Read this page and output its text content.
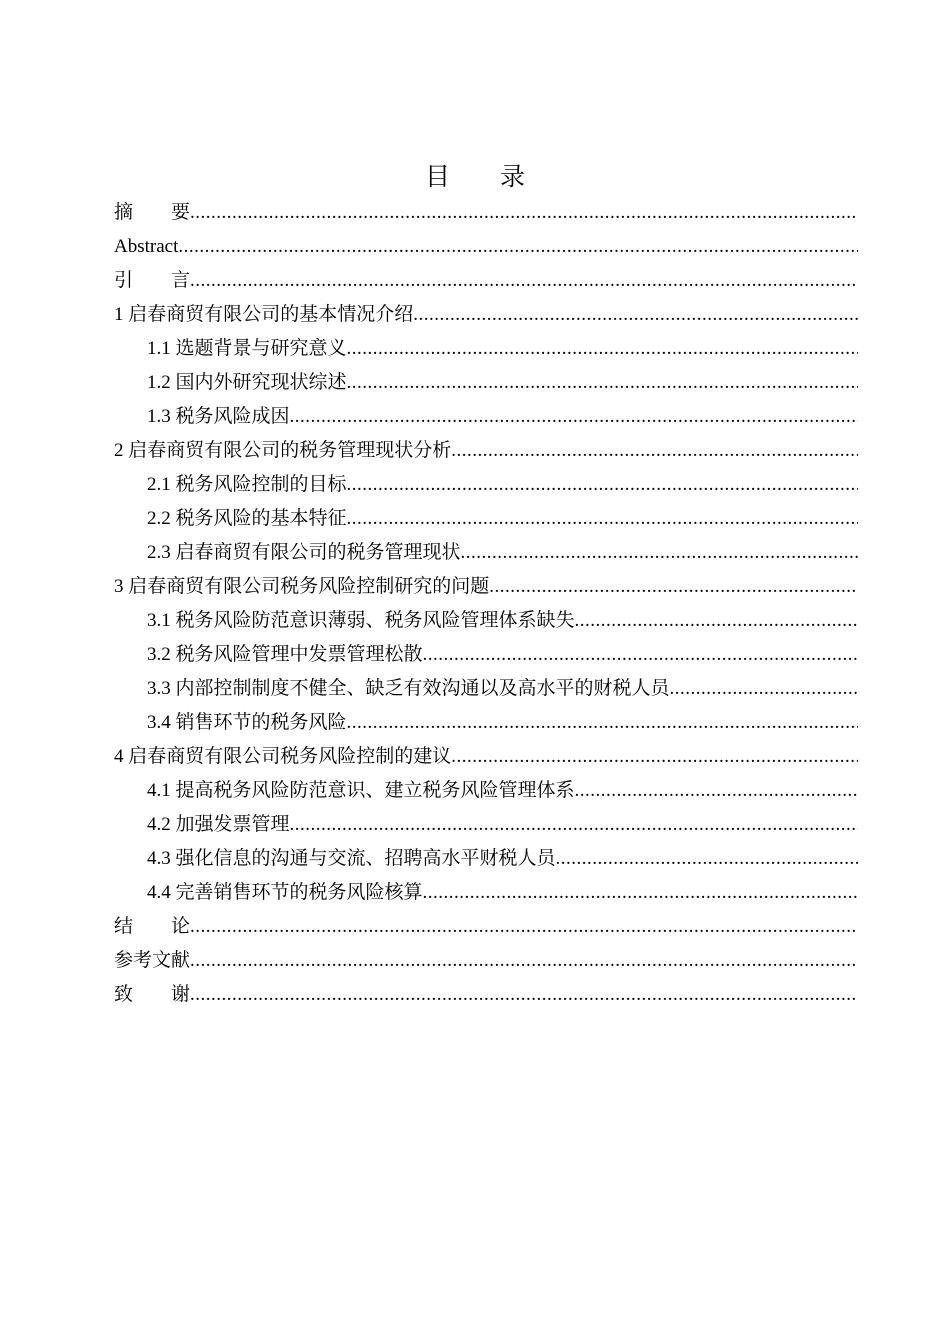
目　　录
摘　　要
.....
Abstract
.....
引　　言
.....
1 启春商贸有限公司的基本情况介绍
.....
1.1 选题背景与研究意义
.....
1.2 国内外研究现状综述
.....
1.3 税务风险成因
.....
2 启春商贸有限公司的税务管理现状分析
.....
2.1 税务风险控制的目标
.....
2.2 税务风险的基本特征
.....
2.3 启春商贸有限公司的税务管理现状
.....
3 启春商贸有限公司税务风险控制研究的问题
.....
3.1 税务风险防范意识薄弱、税务风险管理体系缺失
.....
3.2 税务风险管理中发票管理松散
.....
3.3 内部控制制度不健全、缺乏有效沟通以及高水平的财税人员
.....
3.4 销售环节的税务风险
.....
4 启春商贸有限公司税务风险控制的建议
.....
4.1 提高税务风险防范意识、建立税务风险管理体系
.....
4.2 加强发票管理
.....
4.3 强化信息的沟通与交流、招聘高水平财税人员
.....
4.4 完善销售环节的税务风险核算
.....
结　　论
.....
参考文献
.....
致　　谢
.....
